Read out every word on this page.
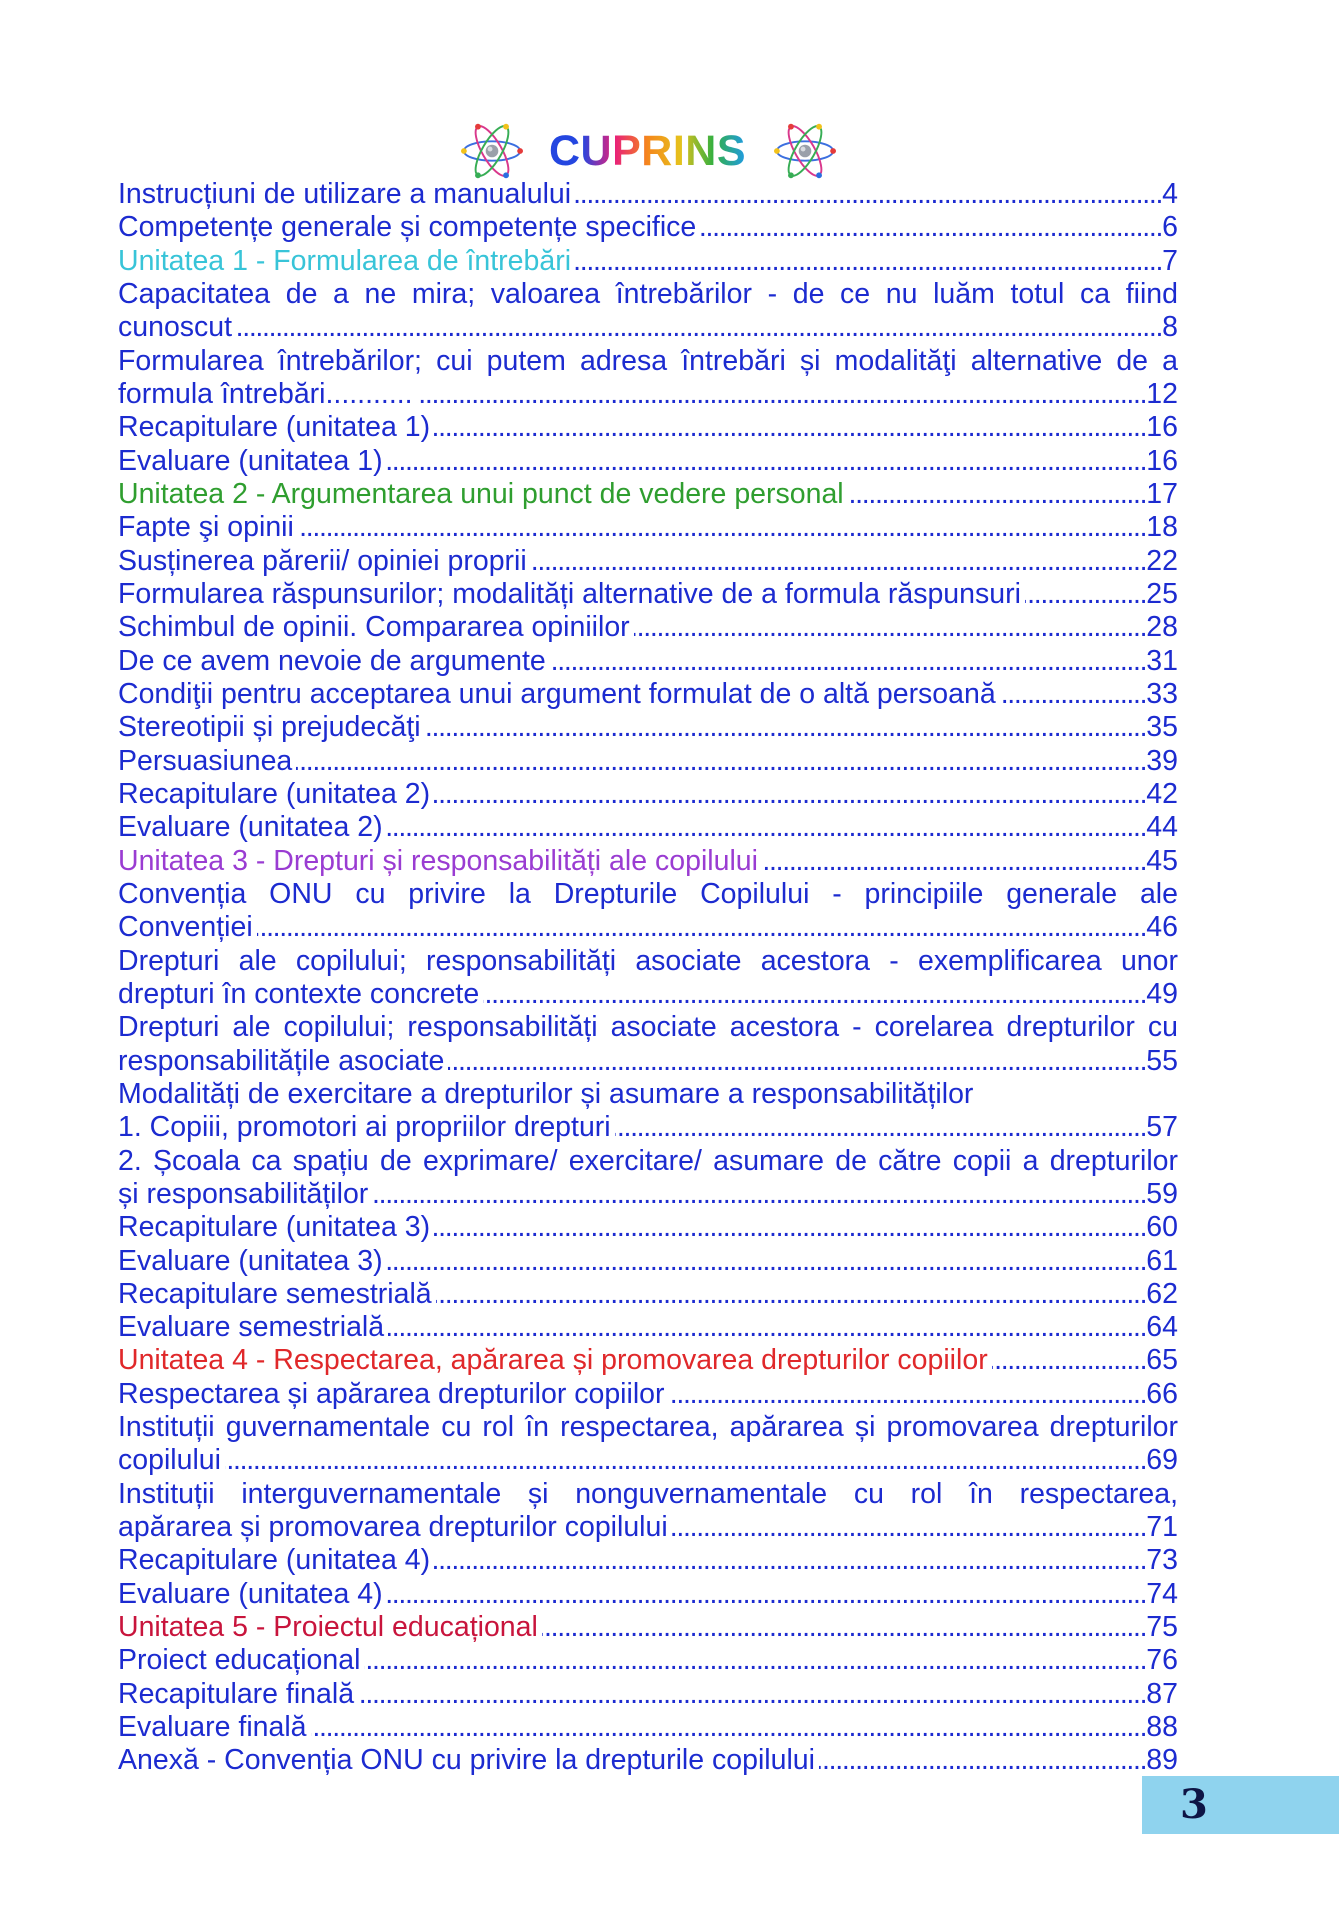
CUPRINS
Instrucțiuni de utilizare a manualului .....	4
Competențe generale și competențe specifice .....	6
Unitatea 1 - Formularea de întrebări .....	7
Capacitatea de a ne mira; valoarea întrebărilor - de ce nu luăm totul ca fiind
cunoscut .....	8
Formularea întrebărilor; cui putem adresa întrebări și modalităţi alternative de a
formula întrebări........... .....	12
Recapitulare (unitatea 1) .....	16
Evaluare (unitatea 1) .....	16
Unitatea 2 - Argumentarea unui punct de vedere personal .....	17
Fapte şi opinii .....	18
Susținerea părerii/ opiniei proprii .....	22
Formularea răspunsurilor; modalități alternative de a formula răspunsuri .....	25
Schimbul de opinii. Compararea opiniilor .....	28
De ce avem nevoie de argumente .....	31
Condiţii pentru acceptarea unui argument formulat de o altă persoană .....	33
Stereotipii și prejudecăţi .....	35
Persuasiunea .....	39
Recapitulare (unitatea 2) .....	42
Evaluare (unitatea 2) .....	44
Unitatea 3 - Drepturi și responsabilități ale copilului .....	45
Convenția ONU cu privire la Drepturile Copilului - principiile generale ale
Convenției .....	46
Drepturi ale copilului; responsabilități asociate acestora - exemplificarea unor
drepturi în contexte concrete .....	49
Drepturi ale copilului; responsabilități asociate acestora - corelarea drepturilor cu
responsabilitățile asociate .....	55
Modalități de exercitare a drepturilor și asumare a responsabilităților
1. Copiii, promotori ai propriilor drepturi .....	57
2. Școala ca spațiu de exprimare/ exercitare/ asumare de către copii a drepturilor
și responsabilităților .....	59
Recapitulare (unitatea 3) .....	60
Evaluare (unitatea 3) .....	61
Recapitulare semestrială .....	62
Evaluare semestrială .....	64
Unitatea 4 - Respectarea, apărarea și promovarea drepturilor copiilor .....	65
Respectarea și apărarea drepturilor copiilor .....	66
Instituții guvernamentale cu rol în respectarea, apărarea și promovarea drepturilor
copilului .....	69
Instituții interguvernamentale și nonguvernamentale cu rol în respectarea,
apărarea și promovarea drepturilor copilului .....	71
Recapitulare (unitatea 4) .....	73
Evaluare (unitatea 4) .....	74
Unitatea 5 - Proiectul educațional .....	75
Proiect educațional .....	76
Recapitulare finală .....	87
Evaluare finală .....	88
Anexă - Convenția ONU cu privire la drepturile copilului .....	89
3
